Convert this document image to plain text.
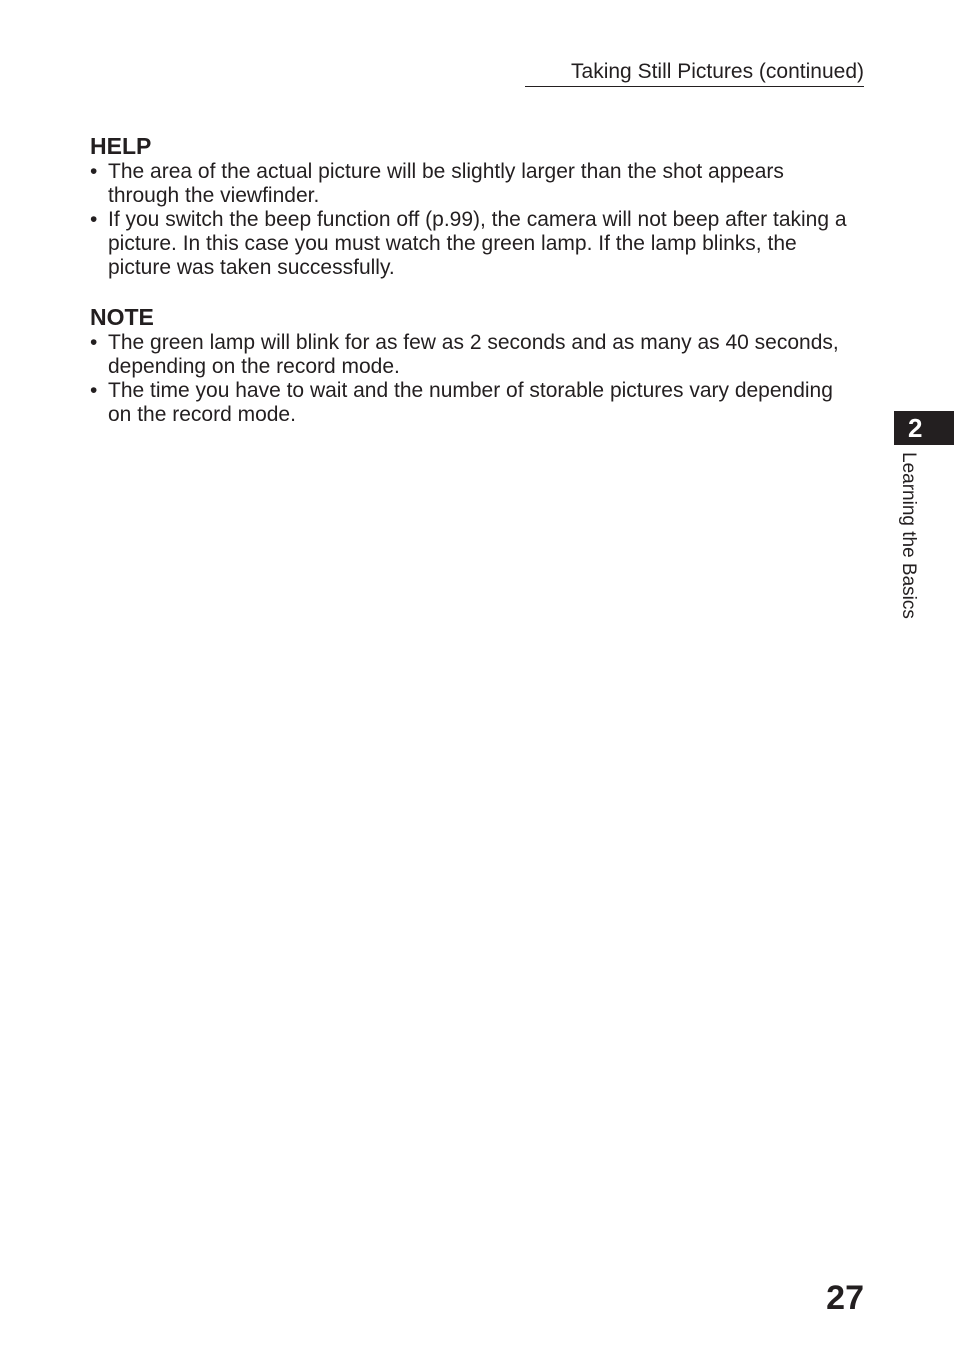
Taking Still Pictures (continued)
HELP
• The area of the actual picture will be slightly larger than the shot appears through the viewfinder.
• If you switch the beep function off (p.99), the camera will not beep after taking a picture. In this case you must watch the green lamp. If the lamp blinks, the picture was taken successfully.
NOTE
• The green lamp will blink for as few as 2 seconds and as many as 40 seconds, depending on the record mode.
• The time you have to wait and the number of storable pictures vary depending on the record mode.	2
Learning the Basics
27
